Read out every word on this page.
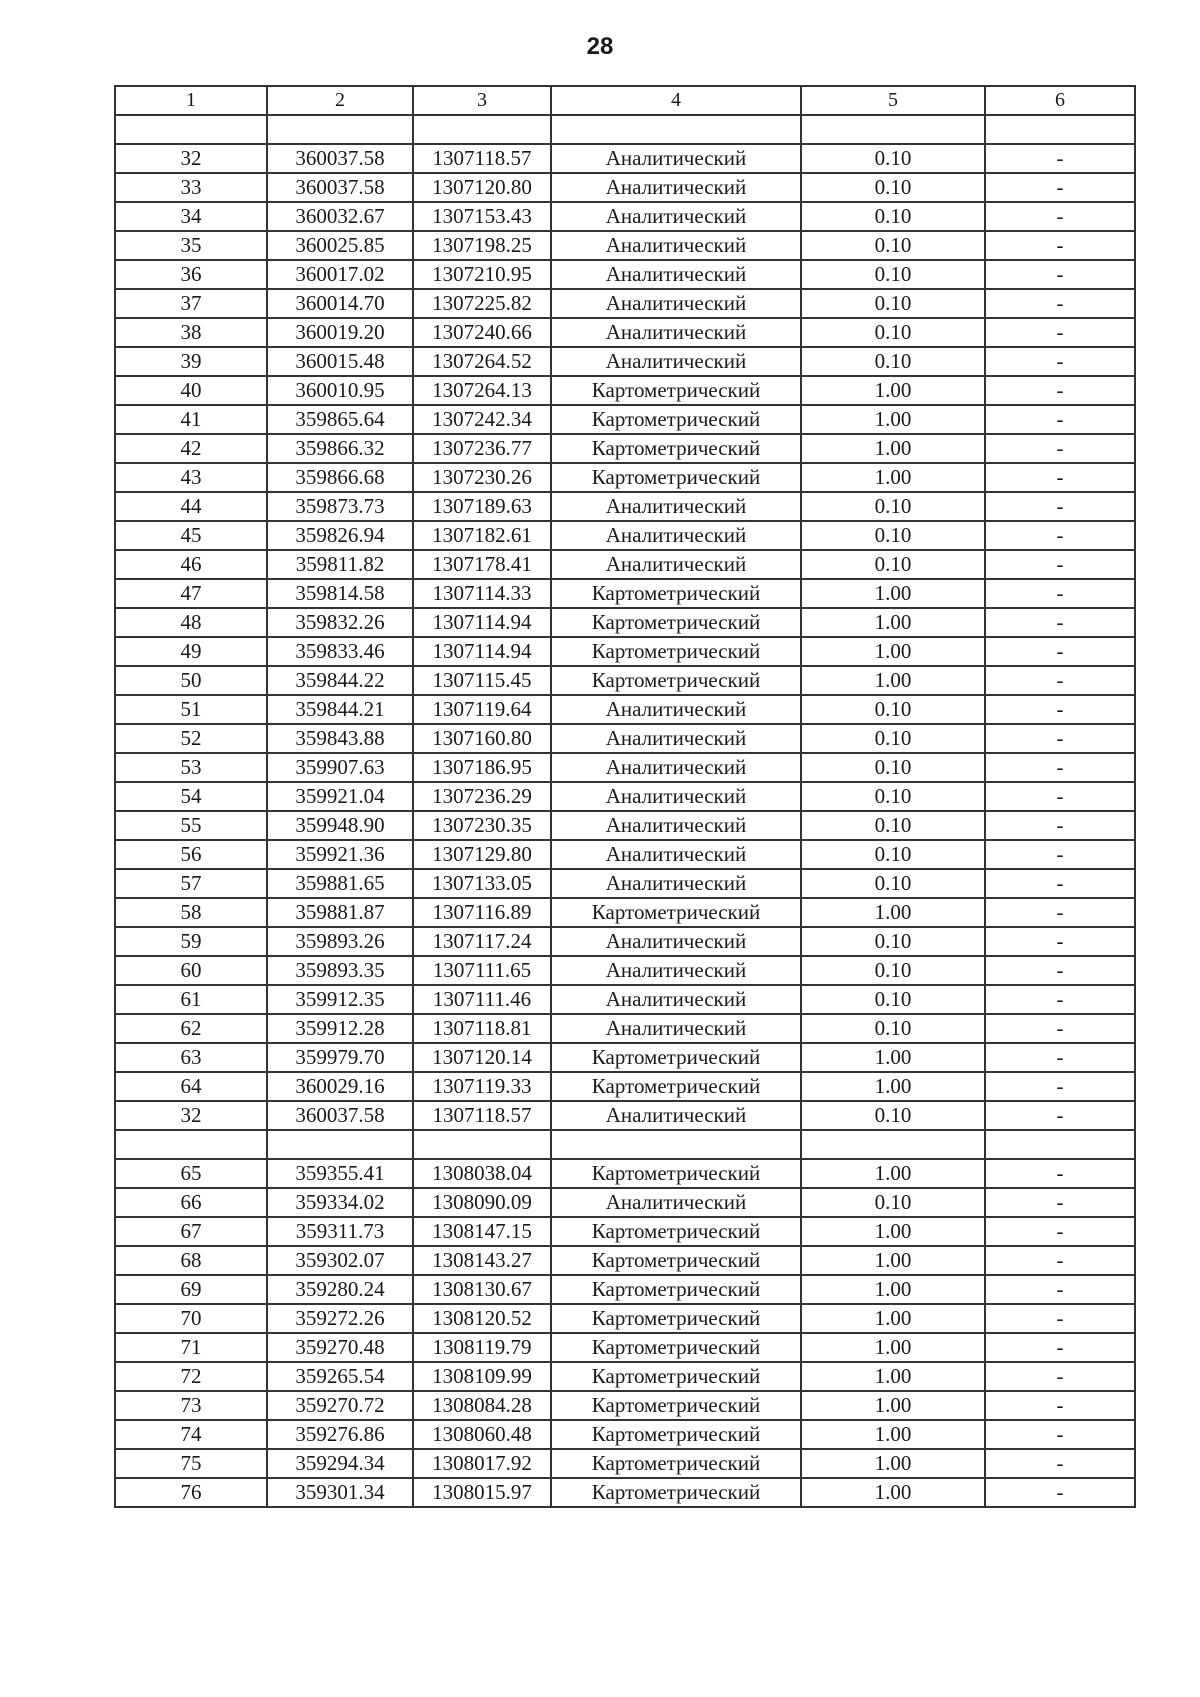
28
1	2	3	4	5	6

32	360037.58	1307118.57	Аналитический	0.10	-
33	360037.58	1307120.80	Аналитический	0.10	-
34	360032.67	1307153.43	Аналитический	0.10	-
35	360025.85	1307198.25	Аналитический	0.10	-
36	360017.02	1307210.95	Аналитический	0.10	-
37	360014.70	1307225.82	Аналитический	0.10	-
38	360019.20	1307240.66	Аналитический	0.10	-
39	360015.48	1307264.52	Аналитический	0.10	-
40	360010.95	1307264.13	Картометрический	1.00	-
41	359865.64	1307242.34	Картометрический	1.00	-
42	359866.32	1307236.77	Картометрический	1.00	-
43	359866.68	1307230.26	Картометрический	1.00	-
44	359873.73	1307189.63	Аналитический	0.10	-
45	359826.94	1307182.61	Аналитический	0.10	-
46	359811.82	1307178.41	Аналитический	0.10	-
47	359814.58	1307114.33	Картометрический	1.00	-
48	359832.26	1307114.94	Картометрический	1.00	-
49	359833.46	1307114.94	Картометрический	1.00	-
50	359844.22	1307115.45	Картометрический	1.00	-
51	359844.21	1307119.64	Аналитический	0.10	-
52	359843.88	1307160.80	Аналитический	0.10	-
53	359907.63	1307186.95	Аналитический	0.10	-
54	359921.04	1307236.29	Аналитический	0.10	-
55	359948.90	1307230.35	Аналитический	0.10	-
56	359921.36	1307129.80	Аналитический	0.10	-
57	359881.65	1307133.05	Аналитический	0.10	-
58	359881.87	1307116.89	Картометрический	1.00	-
59	359893.26	1307117.24	Аналитический	0.10	-
60	359893.35	1307111.65	Аналитический	0.10	-
61	359912.35	1307111.46	Аналитический	0.10	-
62	359912.28	1307118.81	Аналитический	0.10	-
63	359979.70	1307120.14	Картометрический	1.00	-
64	360029.16	1307119.33	Картометрический	1.00	-
32	360037.58	1307118.57	Аналитический	0.10	-

65	359355.41	1308038.04	Картометрический	1.00	-
66	359334.02	1308090.09	Аналитический	0.10	-
67	359311.73	1308147.15	Картометрический	1.00	-
68	359302.07	1308143.27	Картометрический	1.00	-
69	359280.24	1308130.67	Картометрический	1.00	-
70	359272.26	1308120.52	Картометрический	1.00	-
71	359270.48	1308119.79	Картометрический	1.00	-
72	359265.54	1308109.99	Картометрический	1.00	-
73	359270.72	1308084.28	Картометрический	1.00	-
74	359276.86	1308060.48	Картометрический	1.00	-
75	359294.34	1308017.92	Картометрический	1.00	-
76	359301.34	1308015.97	Картометрический	1.00	-
